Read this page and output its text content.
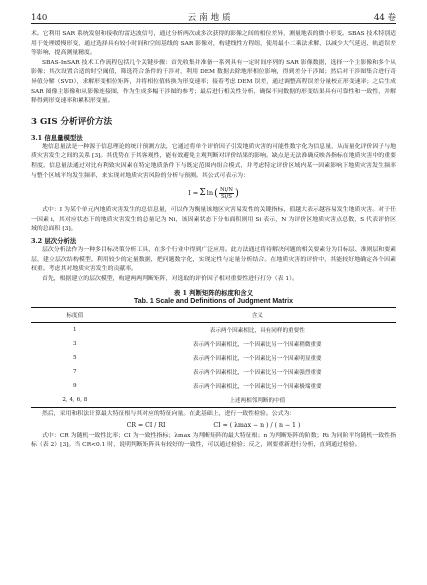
140	云南地质	44 卷

术。它利用 SAR 系统发射和接收的雷达波信号，通过分析两次或多次获得的影像之间的相位差异，测量地表的微小形变。SBAS 技术特别适用于处理缓慢形变，通过选择具有较小时间和空间基线的 SAR 影像对，构建线性方程组，使用最小二乘法求解，以减少大气延迟、轨道误差等影响，提高测量精度。

SBAS-InSAR 技术工作流程包括几个关键步骤：首先收集并准备一系列具有一定时间序列的 SAR 影像数据，选择一个主影像和多个从影像；其次设置合适的时空阈值，筛选符合条件的干涉对，利用 DEM 数据去除地形相位影响，得到差分干涉图；然后对干涉图集合进行奇异值分解（SVD），求解形变相位矩阵，并将相位值转换为形变速率；接着考虑 DEM 误差，通过调整高程误差分量校正形变速率；之后生成 SAR 图像主影像和从影像连接图，作为生成多幅干涉图的参考；最后进行相关性分析，确保不同数据的形变结果具有可靠性和一致性，并解释得到形变速率和累积形变量。

3 GIS 分析评价方法
3.1 信息量模型法

地信息量法是一种源于信息理论的统计预测方法，它通过将单个评价因子引发地质灾害的可能性数字化为信息量，从而量化评价因子与地质灾害发生之间的关系 [3]。其优势在于其客观性，能有效避免主观判断对评价结果的影响。缺点是无法准确反映各指标在地质灾害中的重要程度。信息量法通过对比有利致灾因素在特定地质条件下与既定范围内组合模式，并考虑特定评价区域内某一因素影响下地质灾害发生频率与整个区域平均发生频率，来实现对地质灾害风险的分析与预测。其公式可表示为：

I = Σ ln ( $\frac{Ni/N}{Si/S}$ )

式中：I 为某个单元内地质灾害发生的总信息量，可以作为衡量该地区灾害易发性的关键指标，值越大表示越容易发生地质灾害。对于任一因素 i，其对应状态下的地质灾害发生的总量记为 Ni，该因素状态下分布面积则用 Si 表示，N 为评价区地质灾害点总数，S 代表评价区域的总面积 [3]。

3.2 层次分析法

层次分析法作为一种多目标决策分析工具，在多个行业中得到广泛应用。此方法通过将待解决问题的相关要素分为目标层、准则层和要素层，建立层次结构模型。利用较少的定量数据，把问题数字化，实现定性与定量分析结合。在地质灾害的评价中，其能较好地确定各个因素权重。考虑其对地质灾害发生的贡献率。

首先，根据建立的层次模型，构建两两判断矩阵，对选取的评价因子相对重要性进行打分（表 1）。

表 1 判断矩阵的标度和含义
Tab. 1 Scale and Definitions of Judgment Matrix
标度值	含义
1	表示两个因素相比，具有同样的重要性
3	表示两个因素相比，一个因素比另一个因素稍微重要
5	表示两个因素相比，一个因素比另一个因素明显重要
7	表示两个因素相比，一个因素比另一个因素强烈重要
9	表示两个因素相比，一个因素比另一个因素极端重要
2, 4, 6, 8	上述两相邻判断的中值

然后，采用和积法计算最大特征根与其对应的特征向量。在此基础上，进行一致性检验。公式为：

CR = CI / RI	CI = ( λmax − n ) / ( n − 1 )

式中：CR 为随机一致性比率；CI 为一致性指标；λmax 为判断矩阵的最大特征根；n 为判断矩阵的阶数；Ri 为同阶平均随机一致性指标（表 2）[3]。当 CR<0.1 时，说明判断矩阵具有较好的一致性，可以通过检验；反之，则要重新进行分析，直到通过检验。
